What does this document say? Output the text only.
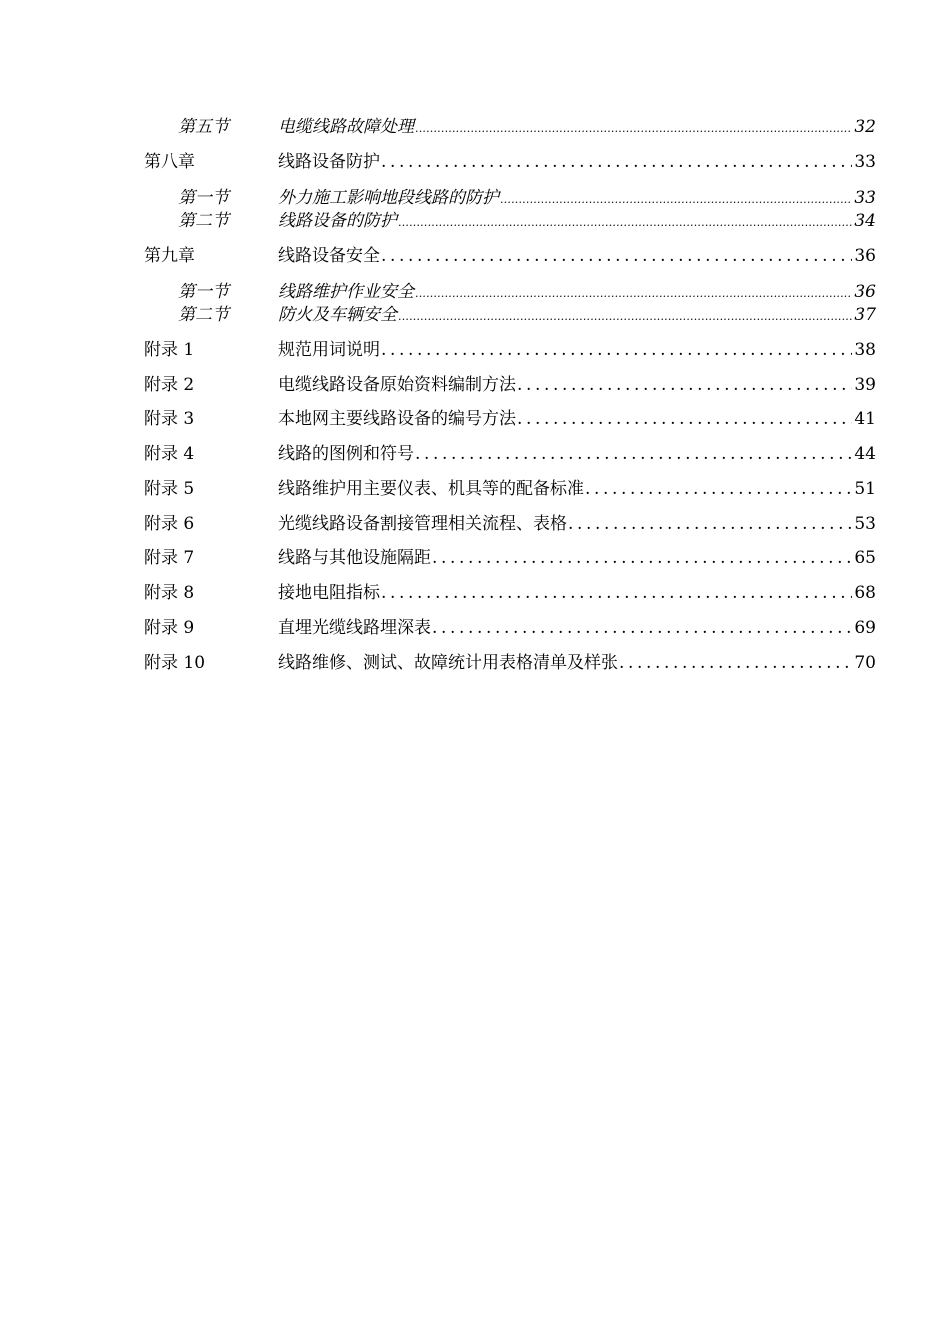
第五节	电缆线路故障处理 .....	32
第八章	线路设备防护 .....	33
第一节	外力施工影响地段线路的防护 .....	33
第二节	线路设备的防护 .....	34
第九章	线路设备安全 .....	36
第一节	线路维护作业安全 .....	36
第二节	防火及车辆安全 .....	37
附录 1	规范用词说明 .....	38
附录 2	电缆线路设备原始资料编制方法 .....	39
附录 3	本地网主要线路设备的编号方法 .....	41
附录 4	线路的图例和符号 .....	44
附录 5	线路维护用主要仪表、机具等的配备标准 .....	51
附录 6	光缆线路设备割接管理相关流程、表格 .....	53
附录 7	线路与其他设施隔距 .....	65
附录 8	接地电阻指标 .....	68
附录 9	直埋光缆线路埋深表 .....	69
附录 10	线路维修、测试、故障统计用表格清单及样张 .....	70
